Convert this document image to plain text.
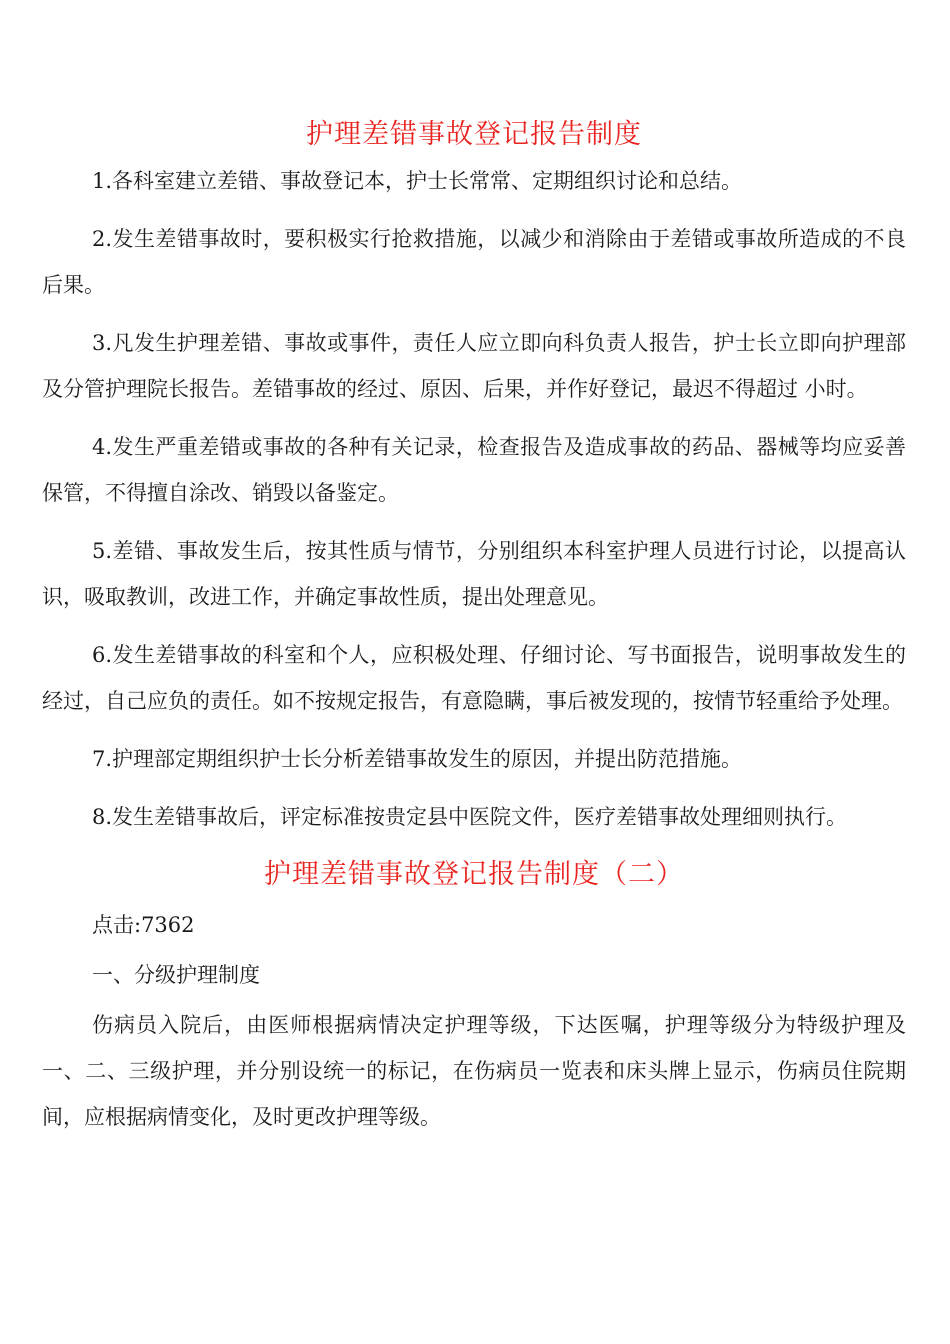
护理差错事故登记报告制度

1.各科室建立差错、事故登记本，护士长常常、定期组织讨论和总结。

2.发生差错事故时，要积极实行抢救措施，以减少和消除由于差错或事故所造成的不良后果。

3.凡发生护理差错、事故或事件，责任人应立即向科负责人报告，护士长立即向护理部及分管护理院长报告。差错事故的经过、原因、后果，并作好登记，最迟不得超过 小时。

4.发生严重差错或事故的各种有关记录，检查报告及造成事故的药品、器械等均应妥善保管，不得擅自涂改、销毁以备鉴定。

5.差错、事故发生后，按其性质与情节，分别组织本科室护理人员进行讨论，以提高认识，吸取教训，改进工作，并确定事故性质，提出处理意见。

6.发生差错事故的科室和个人，应积极处理、仔细讨论、写书面报告，说明事故发生的经过，自己应负的责任。如不按规定报告，有意隐瞒，事后被发现的，按情节轻重给予处理。

7.护理部定期组织护士长分析差错事故发生的原因，并提出防范措施。

8.发生差错事故后，评定标准按贵定县中医院文件，医疗差错事故处理细则执行。

护理差错事故登记报告制度（二）

点击:7362

一、分级护理制度

伤病员入院后，由医师根据病情决定护理等级，下达医嘱，护理等级分为特级护理及一、二、三级护理，并分别设统一的标记，在伤病员一览表和床头牌上显示，伤病员住院期间，应根据病情变化，及时更改护理等级。
